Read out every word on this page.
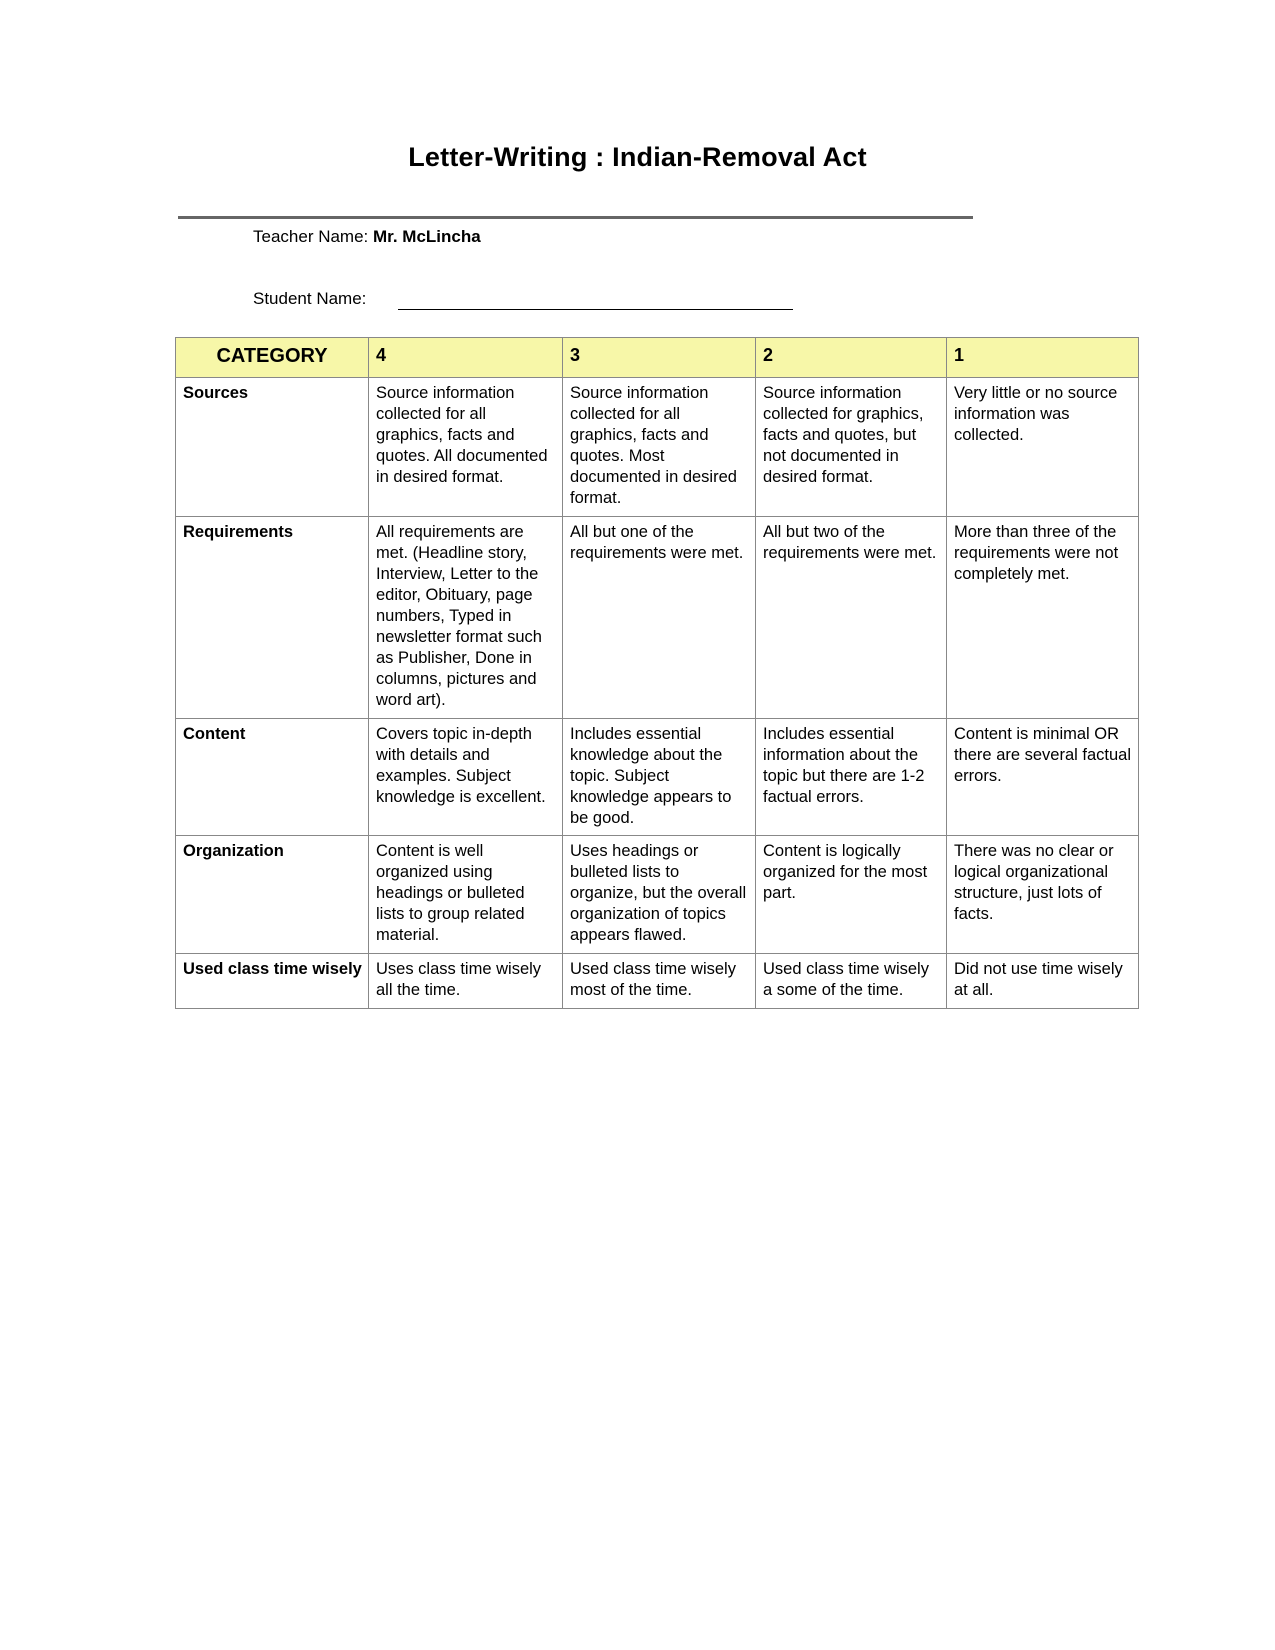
Letter-Writing : Indian-Removal Act
Teacher Name: Mr. McLincha
Student Name:
CATEGORY	4	3	2	1
Sources	Source information collected for all graphics, facts and quotes. All documented in desired format.	Source information collected for all graphics, facts and quotes. Most documented in desired format.	Source information collected for graphics, facts and quotes, but not documented in desired format.	Very little or no source information was collected.
Requirements	All requirements are met. (Headline story, Interview, Letter to the editor, Obituary, page numbers, Typed in newsletter format such as Publisher, Done in columns, pictures and word art).	All but one of the requirements were met.	All but two of the requirements were met.	More than three of the requirements were not completely met.
Content	Covers topic in-depth with details and examples. Subject knowledge is excellent.	Includes essential knowledge about the topic. Subject knowledge appears to be good.	Includes essential information about the topic but there are 1-2 factual errors.	Content is minimal OR there are several factual errors.
Organization	Content is well organized using headings or bulleted lists to group related material.	Uses headings or bulleted lists to organize, but the overall organization of topics appears flawed.	Content is logically organized for the most part.	There was no clear or logical organizational structure, just lots of facts.
Used class time wisely	Uses class time wisely all the time.	Used class time wisely most of the time.	Used class time wisely a some of the time.	Did not use time wisely at all.
